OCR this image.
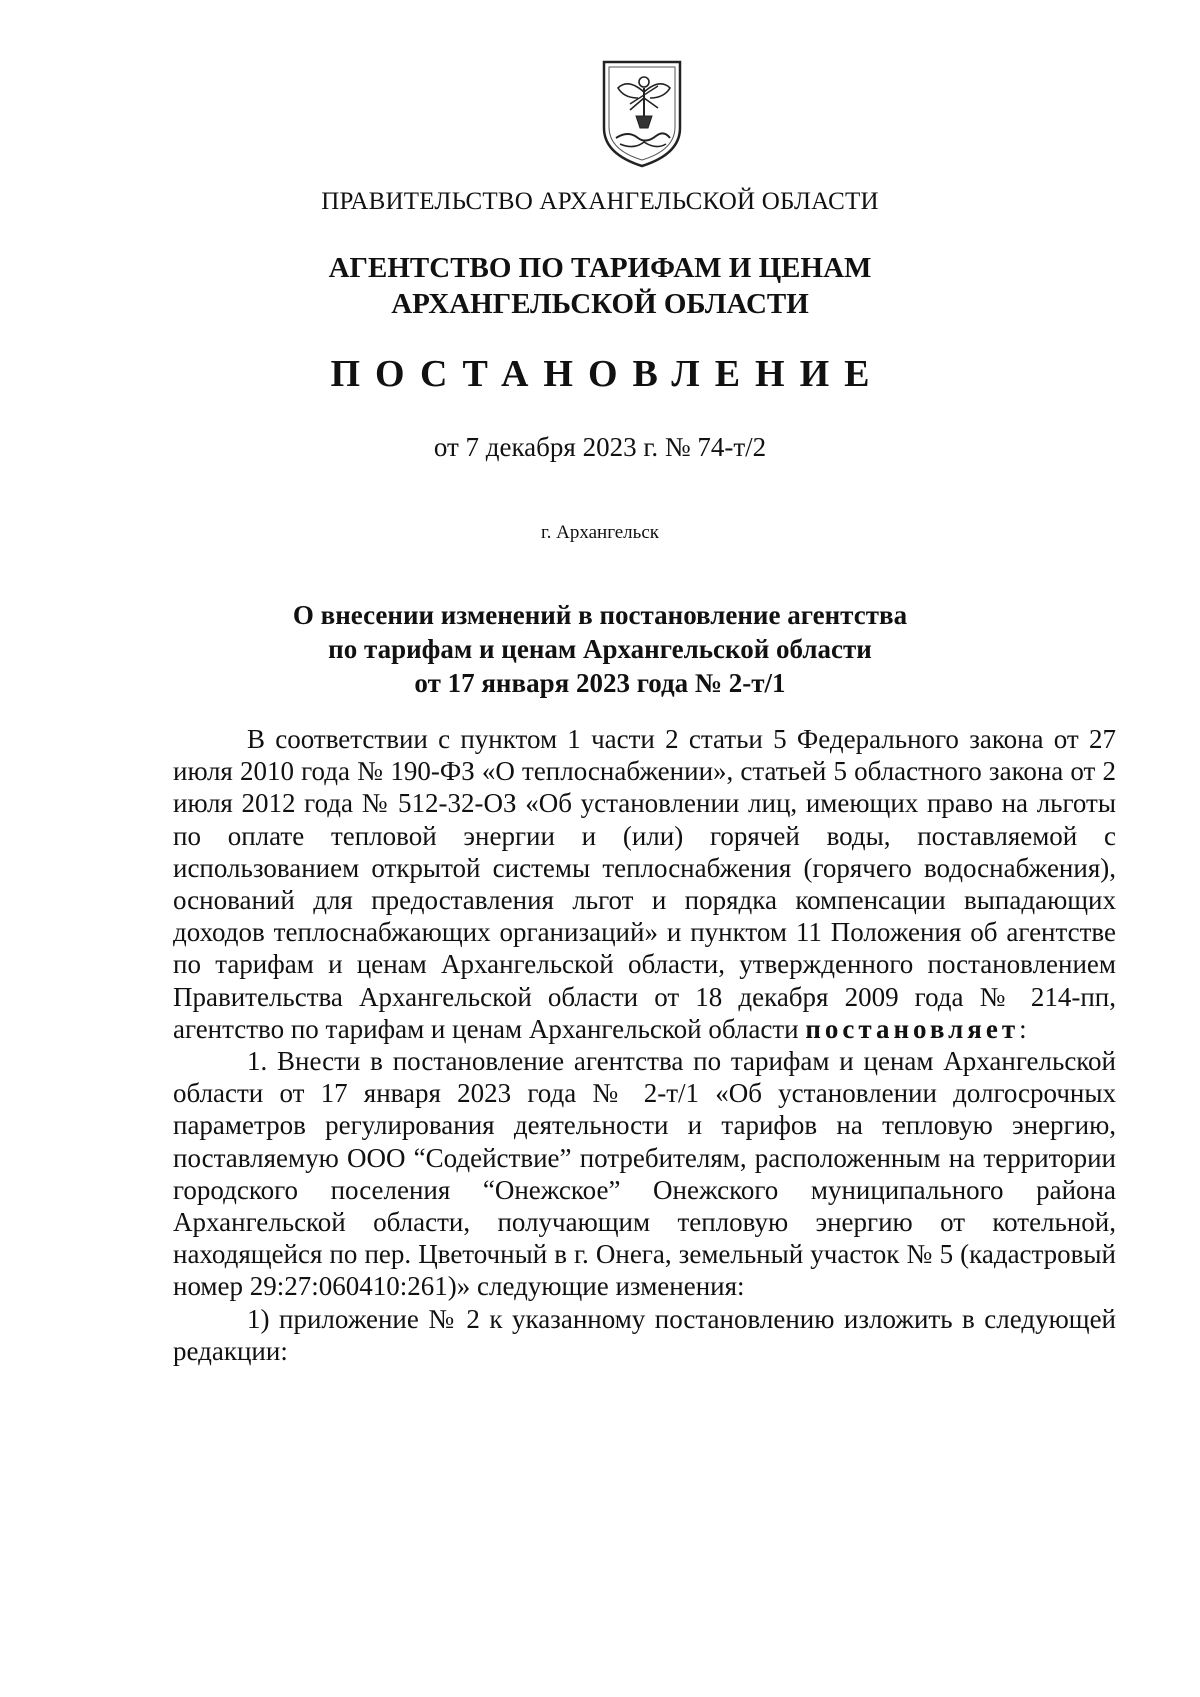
ПРАВИТЕЛЬСТВО АРХАНГЕЛЬСКОЙ ОБЛАСТИ
АГЕНТСТВО ПО ТАРИФАМ И ЦЕНАМ
АРХАНГЕЛЬСКОЙ ОБЛАСТИ
ПОСТАНОВЛЕНИЕ
от 7 декабря 2023 г. № 74-т/2
г. Архангельск
О внесении изменений в постановление агентства
по тарифам и ценам Архангельской области
от 17 января 2023 года № 2-т/1

В соответствии с пунктом 1 части 2 статьи 5 Федерального закона от 27 июля 2010 года № 190-ФЗ «О теплоснабжении», статьей 5 областного закона от 2 июля 2012 года № 512-32-ОЗ «Об установлении лиц, имеющих право на льготы по оплате тепловой энергии и (или) горячей воды, поставляемой с использованием открытой системы теплоснабжения (горячего водоснабжения), оснований для предоставления льгот и порядка компенсации выпадающих доходов теплоснабжающих организаций» и пунктом 11 Положения об агентстве по тарифам и ценам Архангельской области, утвержденного постановлением Правительства Архангельской области от 18 декабря 2009 года № 214-пп, агентство по тарифам и ценам Архангельской области постановляет:

1. Внести в постановление агентства по тарифам и ценам Архангельской области от 17 января 2023 года № 2-т/1 «Об установлении долгосрочных параметров регулирования деятельности и тарифов на тепловую энергию, поставляемую ООО “Содействие” потребителям, расположенным на территории городского поселения “Онежское” Онежского муниципального района Архангельской области, получающим тепловую энергию от котельной, находящейся по пер. Цветочный в г. Онега, земельный участок № 5 (кадастровый номер 29:27:060410:261)» следующие изменения:

1) приложение № 2 к указанному постановлению изложить в следующей редакции:
